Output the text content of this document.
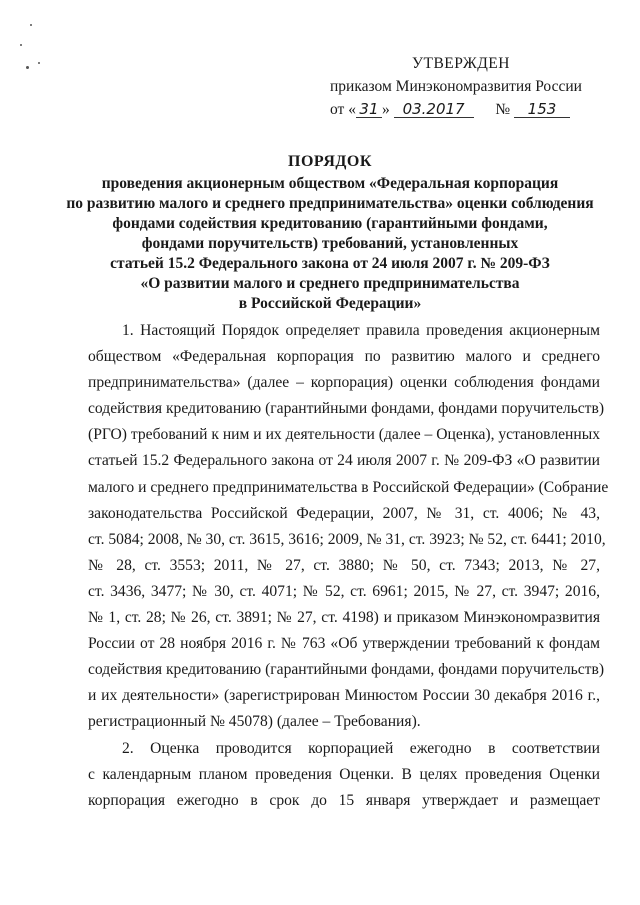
УТВЕРЖДЕН
приказом Минэкономразвития России
от « 31 » 03.2017 № 153
ПОРЯДОК
проведения акционерным обществом «Федеральная корпорация
по развитию малого и среднего предпринимательства» оценки соблюдения
фондами содействия кредитованию (гарантийными фондами,
фондами поручительств) требований, установленных
статьей 15.2 Федерального закона от 24 июля 2007 г. № 209-ФЗ
«О развитии малого и среднего предпринимательства
в Российской Федерации»
1. Настоящий Порядок определяет правила проведения акционерным
обществом «Федеральная корпорация по развитию малого и среднего
предпринимательства» (далее – корпорация) оценки соблюдения фондами
содействия кредитованию (гарантийными фондами, фондами поручительств)
(РГО) требований к ним и их деятельности (далее – Оценка), установленных
статьей 15.2 Федерального закона от 24 июля 2007 г. № 209-ФЗ «О развитии
малого и среднего предпринимательства в Российской Федерации» (Собрание
законодательства Российской Федерации, 2007, № 31, ст. 4006; № 43,
ст. 5084; 2008, № 30, ст. 3615, 3616; 2009, № 31, ст. 3923; № 52, ст. 6441; 2010,
№ 28, ст. 3553; 2011, № 27, ст. 3880; № 50, ст. 7343; 2013, № 27,
ст. 3436, 3477; № 30, ст. 4071; № 52, ст. 6961; 2015, № 27, ст. 3947; 2016,
№ 1, ст. 28; № 26, ст. 3891; № 27, ст. 4198) и приказом Минэкономразвития
России от 28 ноября 2016 г. № 763 «Об утверждении требований к фондам
содействия кредитованию (гарантийными фондами, фондами поручительств)
и их деятельности» (зарегистрирован Минюстом России 30 декабря 2016 г.,
регистрационный № 45078) (далее – Требования).
2. Оценка проводится корпорацией ежегодно в соответствии
с календарным планом проведения Оценки. В целях проведения Оценки
корпорация ежегодно в срок до 15 января утверждает и размещает
